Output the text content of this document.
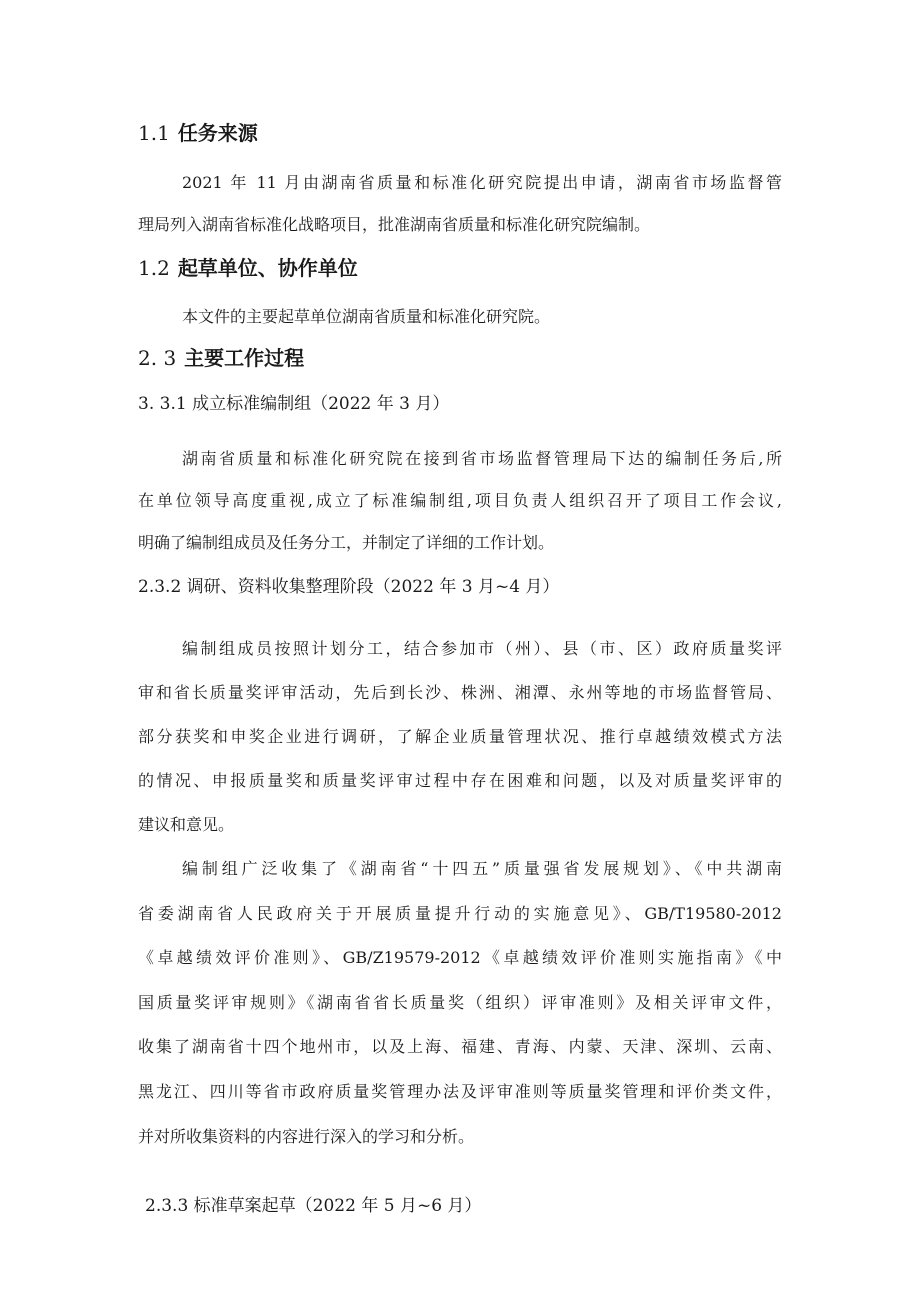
1.1 任务来源
2021 年 11 月由湖南省质量和标准化研究院提出申请，湖南省市场监督管
理局列入湖南省标准化战略项目，批准湖南省质量和标准化研究院编制。
1.2 起草单位、协作单位
本文件的主要起草单位湖南省质量和标准化研究院。
2. 3 主要工作过程
3. 3.1 成立标准编制组（2022 年 3 月）
湖南省质量和标准化研究院在接到省市场监督管理局下达的编制任务后,所
在单位领导高度重视,成立了标准编制组,项目负责人组织召开了项目工作会议,
明确了编制组成员及任务分工，并制定了详细的工作计划。
2.3.2 调研、资料收集整理阶段（2022 年 3 月~4 月）
编制组成员按照计划分工，结合参加市（州）、县（市、区）政府质量奖评
审和省长质量奖评审活动，先后到长沙、株洲、湘潭、永州等地的市场监督管局、
部分获奖和申奖企业进行调研，了解企业质量管理状况、推行卓越绩效模式方法
的情况、申报质量奖和质量奖评审过程中存在困难和问题，以及对质量奖评审的
建议和意见。
编制组广泛收集了《湖南省“十四五”质量强省发展规划》、《中共湖南
省委湖南省人民政府关于开展质量提升行动的实施意见》、GB/T19580-2012
《卓越绩效评价准则》、GB/Z19579-2012《卓越绩效评价准则实施指南》《中
国质量奖评审规则》《湖南省省长质量奖（组织）评审准则》及相关评审文件，
收集了湖南省十四个地州市，以及上海、福建、青海、内蒙、天津、深圳、云南、
黑龙江、四川等省市政府质量奖管理办法及评审准则等质量奖管理和评价类文件，
并对所收集资料的内容进行深入的学习和分析。
2.3.3 标准草案起草（2022 年 5 月~6 月）
